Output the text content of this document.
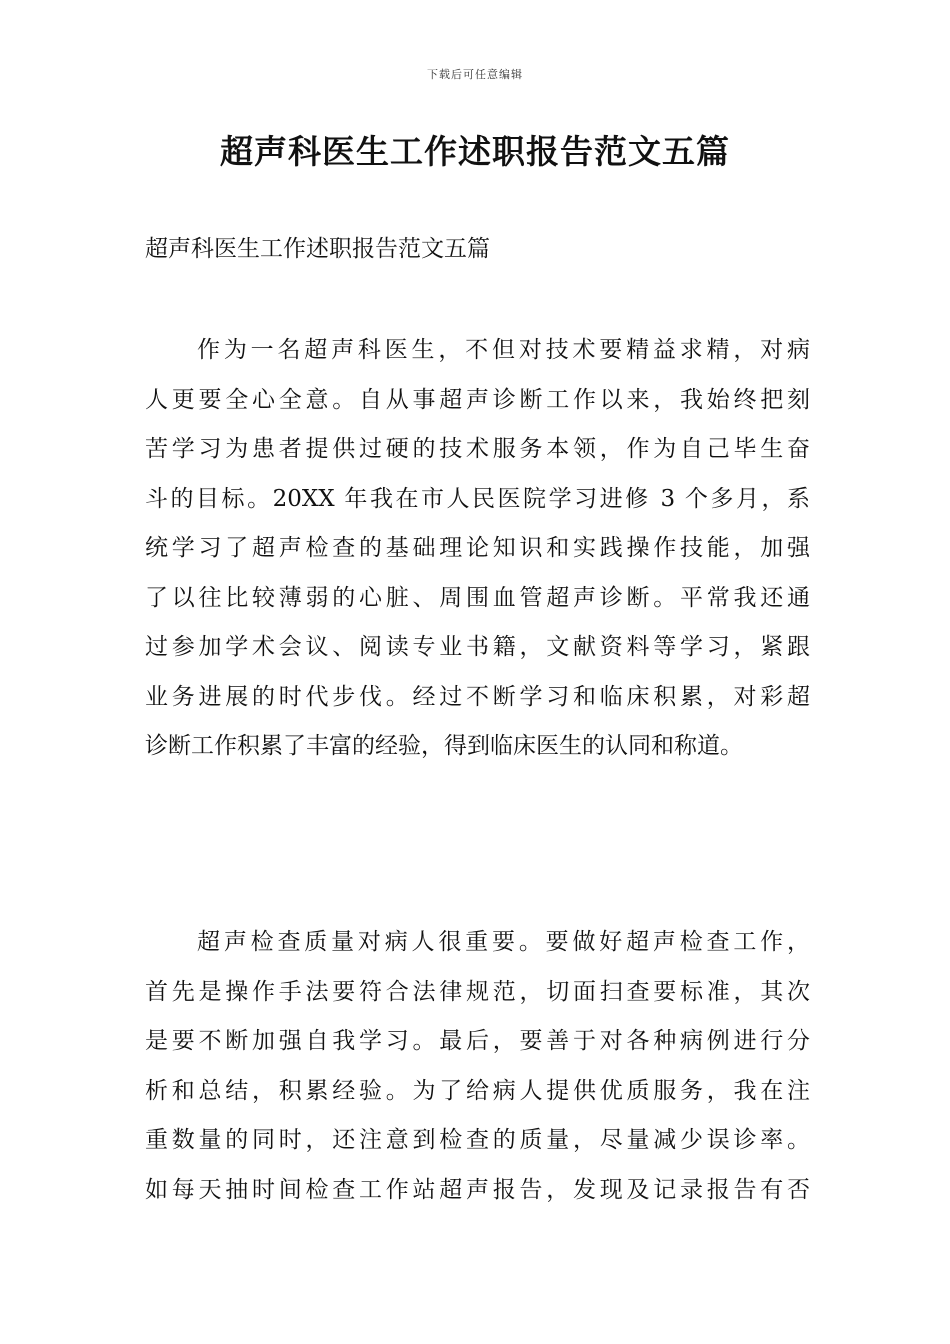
下载后可任意编辑
超声科医生工作述职报告范文五篇

超声科医生工作述职报告范文五篇

作为一名超声科医生，不但对技术要精益求精，对病
人更要全心全意。自从事超声诊断工作以来，我始终把刻
苦学习为患者提供过硬的技术服务本领，作为自己毕生奋
斗的目标。20XX 年我在市人民医院学习进修 3 个多月，系
统学习了超声检查的基础理论知识和实践操作技能，加强
了以往比较薄弱的心脏、周围血管超声诊断。平常我还通
过参加学术会议、阅读专业书籍，文献资料等学习，紧跟
业务进展的时代步伐。经过不断学习和临床积累，对彩超
诊断工作积累了丰富的经验，得到临床医生的认同和称道。
超声检查质量对病人很重要。要做好超声检查工作，
首先是操作手法要符合法律规范，切面扫查要标准，其次
是要不断加强自我学习。最后，要善于对各种病例进行分
析和总结，积累经验。为了给病人提供优质服务，我在注
重数量的同时，还注意到检查的质量，尽量减少误诊率。
如每天抽时间检查工作站超声报告，发现及记录报告有否
